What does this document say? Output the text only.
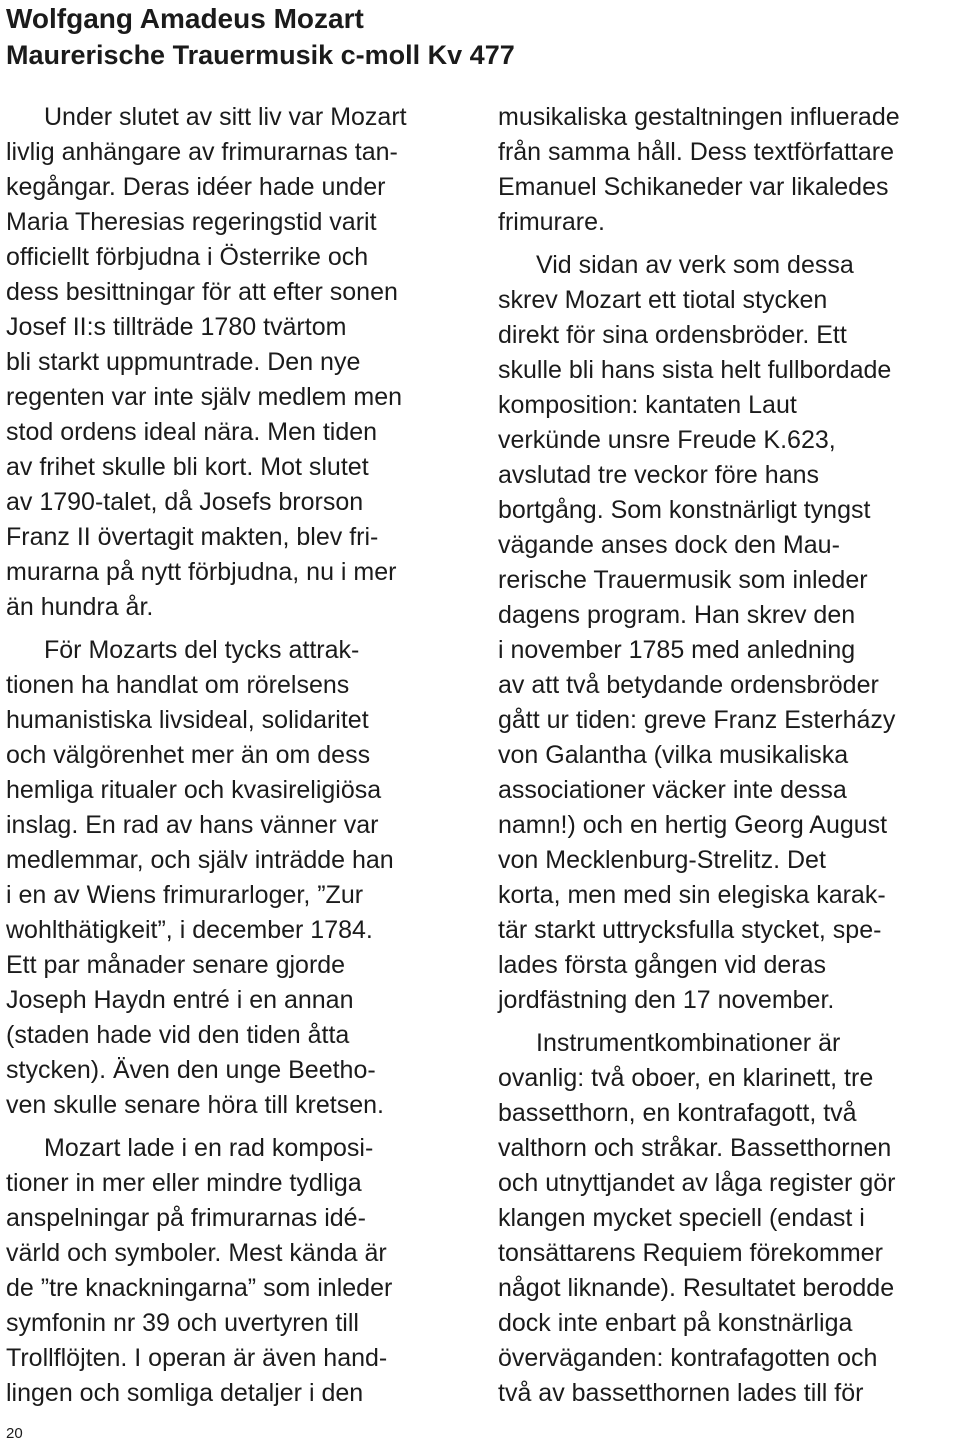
Wolfgang Amadeus Mozart
Maurerische Trauermusik c-moll Kv 477
Under slutet av sitt liv var Mozart
livlig anhängare av frimurarnas tan-
kegångar. Deras idéer hade under
Maria Theresias regeringstid varit
officiellt förbjudna i Österrike och
dess besittningar för att efter sonen
Josef II:s tillträde 1780 tvärtom
bli starkt uppmuntrade. Den nye
regenten var inte själv medlem men
stod ordens ideal nära. Men tiden
av frihet skulle bli kort. Mot slutet
av 1790-talet, då Josefs brorson
Franz II övertagit makten, blev fri-
murarna på nytt förbjudna, nu i mer
än hundra år.
För Mozarts del tycks attrak-
tionen ha handlat om rörelsens
humanistiska livsideal, solidaritet
och välgörenhet mer än om dess
hemliga ritualer och kvasireligiösa
inslag. En rad av hans vänner var
medlemmar, och själv inträdde han
i en av Wiens frimurarloger, ”Zur
wohlthätigkeit”, i december 1784.
Ett par månader senare gjorde
Joseph Haydn entré i en annan
(staden hade vid den tiden åtta
stycken). Även den unge Beetho-
ven skulle senare höra till kretsen.
Mozart lade i en rad komposi-
tioner in mer eller mindre tydliga
anspelningar på frimurarnas idé-
värld och symboler. Mest kända är
de ”tre knackningarna” som inleder
symfonin nr 39 och uvertyren till
Trollflöjten. I operan är även hand-
lingen och somliga detaljer i den
musikaliska gestaltningen influerade
från samma håll. Dess textförfattare
Emanuel Schikaneder var likaledes
frimurare.
Vid sidan av verk som dessa
skrev Mozart ett tiotal stycken
direkt för sina ordensbröder. Ett
skulle bli hans sista helt fullbordade
komposition: kantaten Laut
verkünde unsre Freude K.623,
avslutad tre veckor före hans
bortgång. Som konstnärligt tyngst
vägande anses dock den Mau-
rerische Trauermusik som inleder
dagens program. Han skrev den
i november 1785 med anledning
av att två betydande ordensbröder
gått ur tiden: greve Franz Esterházy
von Galantha (vilka musikaliska
associationer väcker inte dessa
namn!) och en hertig Georg August
von Mecklenburg-Strelitz. Det
korta, men med sin elegiska karak-
tär starkt uttrycksfulla stycket, spe-
lades första gången vid deras
jordfästning den 17 november.
Instrumentkombinationer är
ovanlig: två oboer, en klarinett, tre
bassetthorn, en kontrafagott, två
valthorn och stråkar. Bassetthornen
och utnyttjandet av låga register gör
klangen mycket speciell (endast i
tonsättarens Requiem förekommer
något liknande). Resultatet berodde
dock inte enbart på konstnärliga
överväganden: kontrafagotten och
två av bassetthornen lades till för
20
